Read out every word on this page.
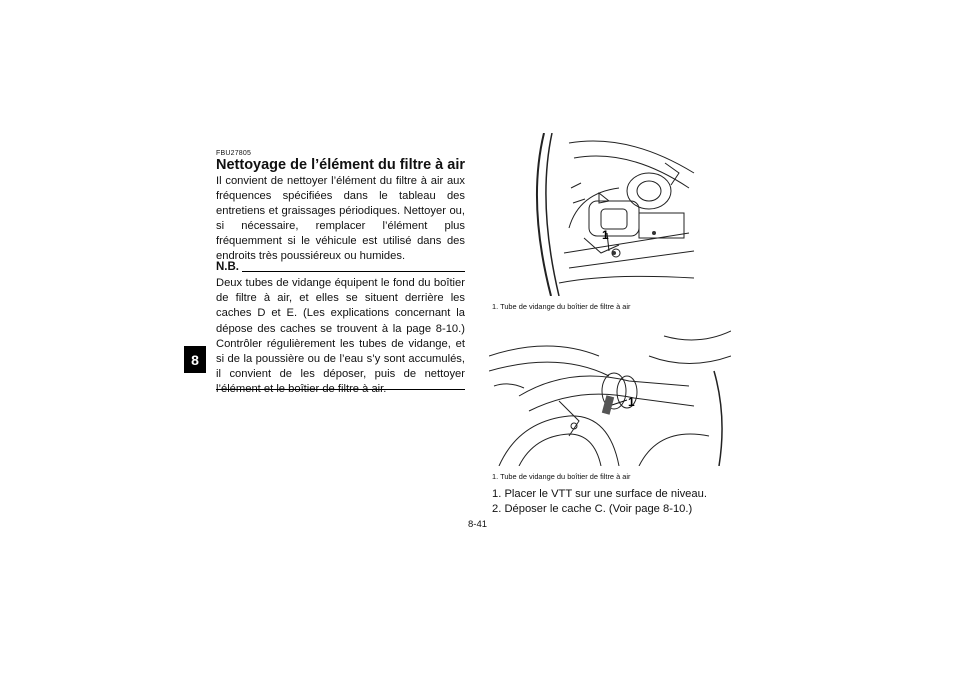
8
FBU27805
Nettoyage de l’élément du filtre à air

Il convient de nettoyer l’élément du filtre à air aux fréquences spécifiées dans le tableau des entretiens et graissages périodiques. Nettoyer ou, si nécessaire, remplacer l’élément plus fréquemment si le véhicule est utilisé dans des endroits très poussiéreux ou humides.

N.B.

Deux tubes de vidange équipent le fond du boîtier de filtre à air, et elles se situent derrière les caches D et E. (Les explications concernant la dépose des caches se trouvent à la page 8-10.) Contrôler régulièrement les tubes de vidange, et si de la poussière ou de l’eau s’y sont accumulés, il convient de les déposer, puis de nettoyer l’élément et le boîtier de filtre à air.

1
1. Tube de vidange du boîtier de filtre à air
1
1. Tube de vidange du boîtier de filtre à air
1. Placer le VTT sur une surface de niveau.
2. Déposer le cache C. (Voir page 8-10.)
8-41
